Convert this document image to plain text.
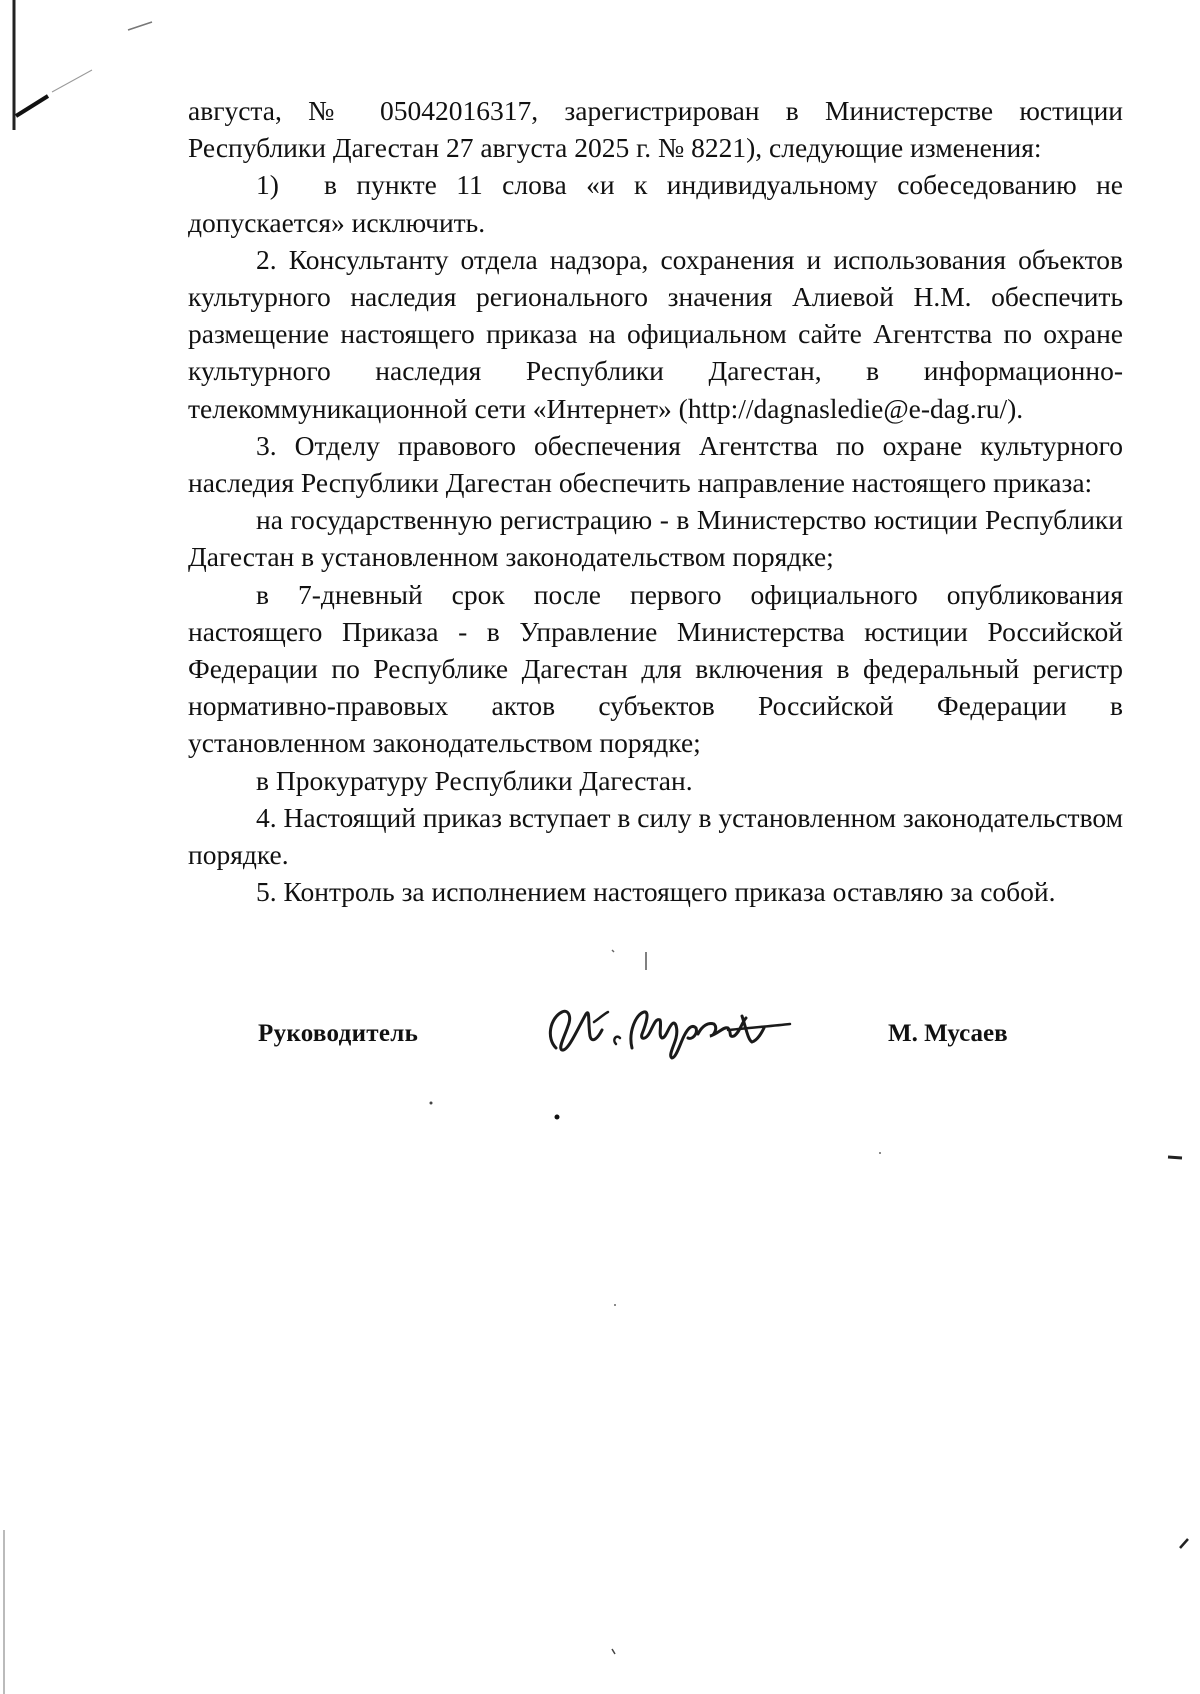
августа, № 05042016317, зарегистрирован в Министерстве юстиции Республики Дагестан 27 августа 2025 г. № 8221), следующие изменения:

1) в пункте 11 слова «и к индивидуальному собеседованию не допускается» исключить.

2. Консультанту отдела надзора, сохранения и использования объектов культурного наследия регионального значения Алиевой Н.М. обеспечить размещение настоящего приказа на официальном сайте Агентства по охране культурного наследия Республики Дагестан, в информационно-телекоммуникационной сети «Интернет» (http://dagnasledie@e-dag.ru/).

3. Отделу правового обеспечения Агентства по охране культурного наследия Республики Дагестан обеспечить направление настоящего приказа:

на государственную регистрацию - в Министерство юстиции Республики Дагестан в установленном законодательством порядке;

в 7-дневный срок после первого официального опубликования настоящего Приказа - в Управление Министерства юстиции Российской Федерации по Республике Дагестан для включения в федеральный регистр нормативно-правовых актов субъектов Российской Федерации в установленном законодательством порядке;

в Прокуратуру Республики Дагестан.

4. Настоящий приказ вступает в силу в установленном законодательством порядке.

5. Контроль за исполнением настоящего приказа оставляю за собой.

Руководитель	М. Мусаев
